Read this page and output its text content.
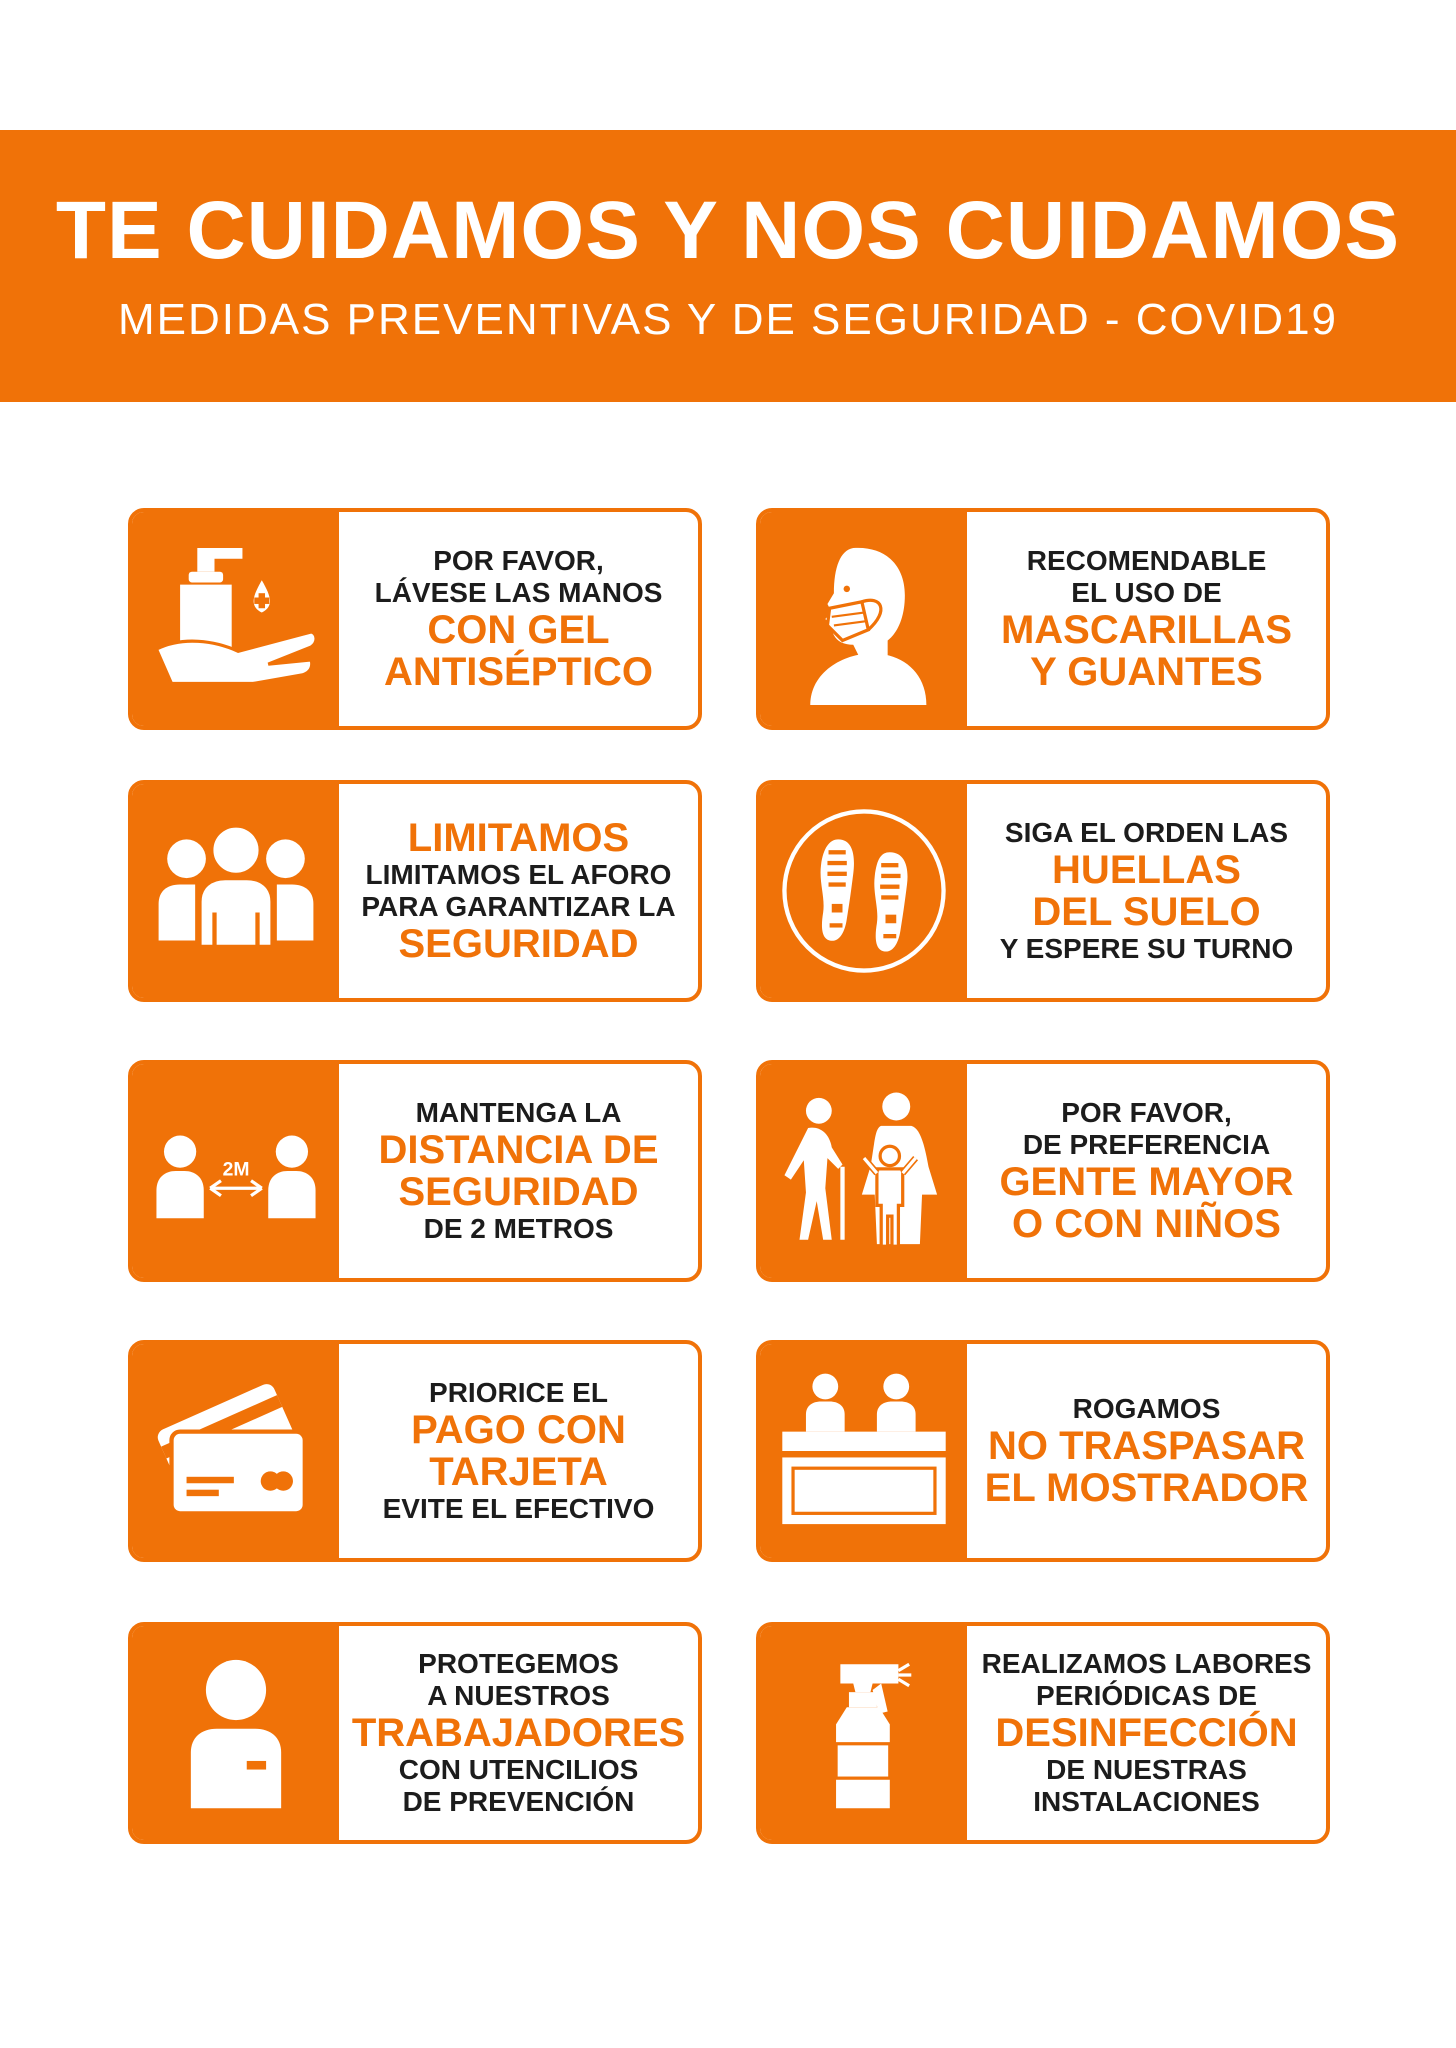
TE CUIDAMOS Y NOS CUIDAMOS
MEDIDAS PREVENTIVAS Y DE SEGURIDAD - COVID19
POR FAVOR,
LÁVESE LAS MANOS
CON GEL
ANTISÉPTICO
RECOMENDABLE
EL USO DE
MASCARILLAS
Y GUANTES
LIMITAMOS
LIMITAMOS EL AFORO
PARA GARANTIZAR LA
SEGURIDAD
SIGA EL ORDEN LAS
HUELLAS
DEL SUELO
Y ESPERE SU TURNO
2M
MANTENGA LA
DISTANCIA DE
SEGURIDAD
DE 2 METROS
POR FAVOR,
DE PREFERENCIA
GENTE MAYOR
O CON NIÑOS
PRIORICE EL
PAGO CON
TARJETA
EVITE EL EFECTIVO
ROGAMOS
NO TRASPASAR
EL MOSTRADOR
PROTEGEMOS
A NUESTROS
TRABAJADORES
CON UTENCILIOS
DE PREVENCIÓN
REALIZAMOS LABORES
PERIÓDICAS DE
DESINFECCIÓN
DE NUESTRAS
INSTALACIONES
